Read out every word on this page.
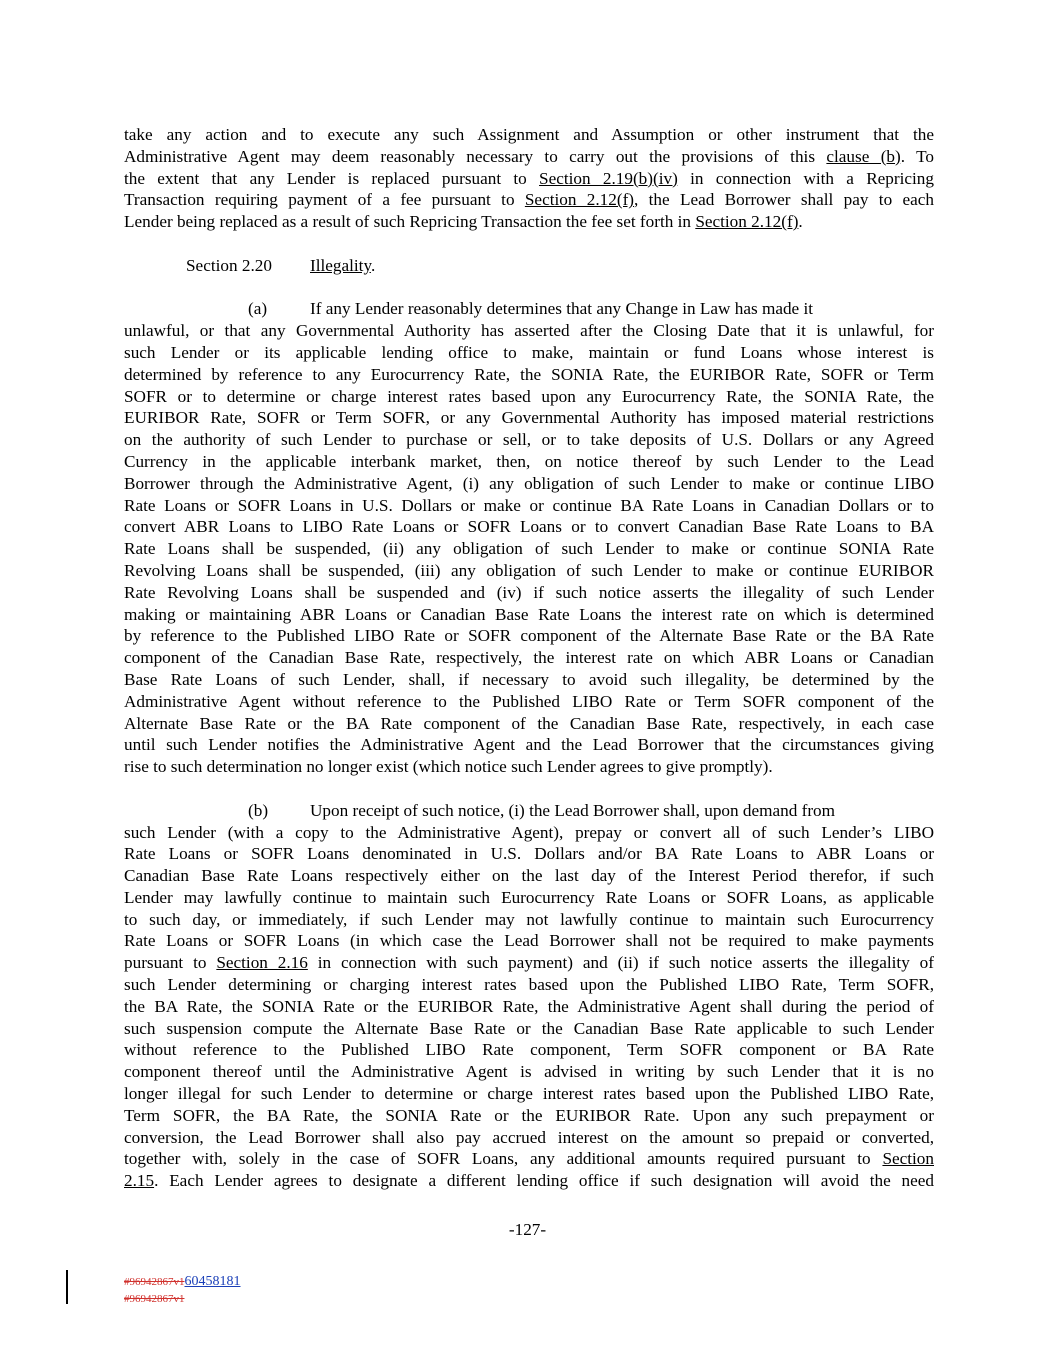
take any action and to execute any such Assignment and Assumption or other instrument that the
Administrative Agent may deem reasonably necessary to carry out the provisions of this clause (b). To
the extent that any Lender is replaced pursuant to Section 2.19(b)(iv) in connection with a Repricing
Transaction requiring payment of a fee pursuant to Section 2.12(f), the Lead Borrower shall pay to each
Lender being replaced as a result of such Repricing Transaction the fee set forth in Section 2.12(f).
Section 2.20 Illegality.
(a) If any Lender reasonably determines that any Change in Law has made it
unlawful, or that any Governmental Authority has asserted after the Closing Date that it is unlawful, for
such Lender or its applicable lending office to make, maintain or fund Loans whose interest is
determined by reference to any Eurocurrency Rate, the SONIA Rate, the EURIBOR Rate, SOFR or Term
SOFR or to determine or charge interest rates based upon any Eurocurrency Rate, the SONIA Rate, the
EURIBOR Rate, SOFR or Term SOFR, or any Governmental Authority has imposed material restrictions
on the authority of such Lender to purchase or sell, or to take deposits of U.S. Dollars or any Agreed
Currency in the applicable interbank market, then, on notice thereof by such Lender to the Lead
Borrower through the Administrative Agent, (i) any obligation of such Lender to make or continue LIBO
Rate Loans or SOFR Loans in U.S. Dollars or make or continue BA Rate Loans in Canadian Dollars or to
convert ABR Loans to LIBO Rate Loans or SOFR Loans or to convert Canadian Base Rate Loans to BA
Rate Loans shall be suspended, (ii) any obligation of such Lender to make or continue SONIA Rate
Revolving Loans shall be suspended, (iii) any obligation of such Lender to make or continue EURIBOR
Rate Revolving Loans shall be suspended and (iv) if such notice asserts the illegality of such Lender
making or maintaining ABR Loans or Canadian Base Rate Loans the interest rate on which is determined
by reference to the Published LIBO Rate or SOFR component of the Alternate Base Rate or the BA Rate
component of the Canadian Base Rate, respectively, the interest rate on which ABR Loans or Canadian
Base Rate Loans of such Lender, shall, if necessary to avoid such illegality, be determined by the
Administrative Agent without reference to the Published LIBO Rate or Term SOFR component of the
Alternate Base Rate or the BA Rate component of the Canadian Base Rate, respectively, in each case
until such Lender notifies the Administrative Agent and the Lead Borrower that the circumstances giving
rise to such determination no longer exist (which notice such Lender agrees to give promptly).
(b) Upon receipt of such notice, (i) the Lead Borrower shall, upon demand from
such Lender (with a copy to the Administrative Agent), prepay or convert all of such Lender’s LIBO
Rate Loans or SOFR Loans denominated in U.S. Dollars and/or BA Rate Loans to ABR Loans or
Canadian Base Rate Loans respectively either on the last day of the Interest Period therefor, if such
Lender may lawfully continue to maintain such Eurocurrency Rate Loans or SOFR Loans, as applicable
to such day, or immediately, if such Lender may not lawfully continue to maintain such Eurocurrency
Rate Loans or SOFR Loans (in which case the Lead Borrower shall not be required to make payments
pursuant to Section 2.16 in connection with such payment) and (ii) if such notice asserts the illegality of
such Lender determining or charging interest rates based upon the Published LIBO Rate, Term SOFR,
the BA Rate, the SONIA Rate or the EURIBOR Rate, the Administrative Agent shall during the period of
such suspension compute the Alternate Base Rate or the Canadian Base Rate applicable to such Lender
without reference to the Published LIBO Rate component, Term SOFR component or BA Rate
component thereof until the Administrative Agent is advised in writing by such Lender that it is no
longer illegal for such Lender to determine or charge interest rates based upon the Published LIBO Rate,
Term SOFR, the BA Rate, the SONIA Rate or the EURIBOR Rate. Upon any such prepayment or
conversion, the Lead Borrower shall also pay accrued interest on the amount so prepaid or converted,
together with, solely in the case of SOFR Loans, any additional amounts required pursuant to Section
2.15. Each Lender agrees to designate a different lending office if such designation will avoid the need
-127-
#96942867v160458181
#96942867v1
